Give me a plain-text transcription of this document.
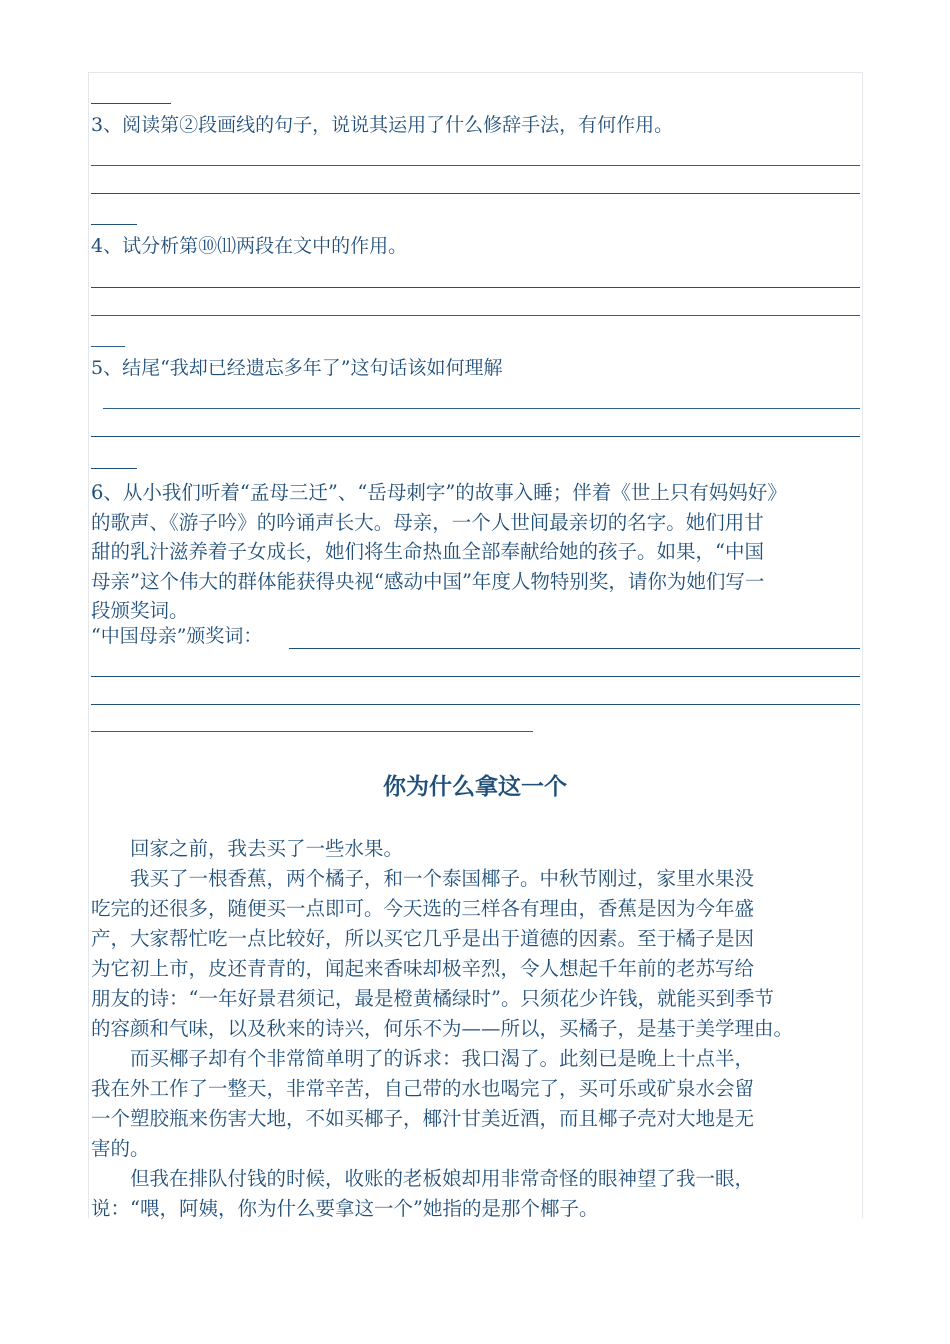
3、阅读第②段画线的句子，说说其运用了什么修辞手法，有何作用。
4、试分析第⑩⑾两段在文中的作用。
5、结尾“我却已经遗忘多年了”这句话该如何理解

6、从小我们听着“孟母三迁”、“岳母刺字”的故事入睡；伴着《世上只有妈妈好》

的歌声、《游子吟》的吟诵声长大。母亲，一个人世间最亲切的名字。她们用甘

甜的乳汁滋养着子女成长，她们将生命热血全部奉献给她的孩子。如果，“中国

母亲”这个伟大的群体能获得央视“感动中国”年度人物特别奖，请你为她们写一

段颁奖词。

“中国母亲”颁奖词：
你为什么拿这一个

　　回家之前，我去买了一些水果。

　　我买了一根香蕉，两个橘子，和一个泰国椰子。中秋节刚过，家里水果没

吃完的还很多，随便买一点即可。今天选的三样各有理由，香蕉是因为今年盛

产，大家帮忙吃一点比较好，所以买它几乎是出于道德的因素。至于橘子是因

为它初上市，皮还青青的，闻起来香味却极辛烈，令人想起千年前的老苏写给

朋友的诗：“一年好景君须记，最是橙黄橘绿时”。只须花少许钱，就能买到季节

的容颜和气味，以及秋来的诗兴，何乐不为——所以，买橘子，是基于美学理由。

　　而买椰子却有个非常简单明了的诉求：我口渴了。此刻已是晚上十点半，

我在外工作了一整天，非常辛苦，自己带的水也喝完了，买可乐或矿泉水会留

一个塑胶瓶来伤害大地，不如买椰子，椰汁甘美近酒，而且椰子壳对大地是无

害的。

　　但我在排队付钱的时候，收账的老板娘却用非常奇怪的眼神望了我一眼，

说：“喂，阿姨，你为什么要拿这一个”她指的是那个椰子。
